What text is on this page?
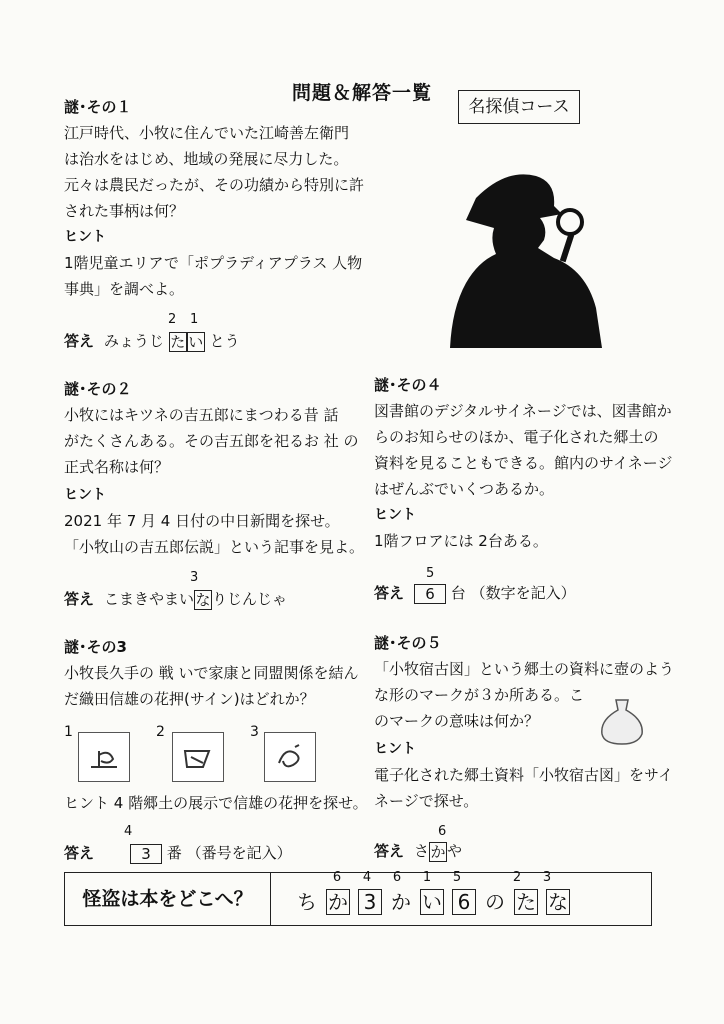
問題＆解答一覧
名探偵コース
謎･その１
江戸時代、小牧に住んでいた江崎善左衛門
は治水をはじめ、地域の発展に尽力した。
元々は農民だったが、その功績から特別に許
された事柄は何？
ヒント
1階児童エリアで「ポプラディアプラス 人物
事典」を調べよ。
2 1
答え みょうじ た い とう
謎･その２
小牧にはキツネの吉五郎にまつわる昔 話
がたくさんある。その吉五郎を祀るお 社 の
正式名称は何？
ヒント
2021 年 7 月 4 日付の中日新聞を探せ。
「小牧山の吉五郎伝説」という記事を見よ。
3
答え こまきやまいな りじんじゃ
謎･その3
小牧長久手の 戦 いで家康と同盟関係を結ん
だ織田信雄の花押(サイン)はどれか？
1	2	3
ヒント 4 階郷土の展示で信雄の花押を探せ。
4
答え	3 番 （番号を記入）
謎･その４
図書館のデジタルサイネージでは、図書館か
らのお知らせのほか、電子化された郷土の
資料を見ることもできる。館内のサイネージ
はぜんぶでいくつあるか。
ヒント
1階フロアには 2台ある。
5
答え 6 台 （数字を記入）
謎･その５
「小牧宿古図」という郷土の資料に壺のよう
な形のマークが３か所ある。こ
のマークの意味は何か？
ヒント
電子化された郷土資料「小牧宿古図」をサイ
ネージで探せ。
6
答え さか や
怪盗は本をどこへ？
6 4 6 1 5	2 3
ち か 3 か い 6 の た な
